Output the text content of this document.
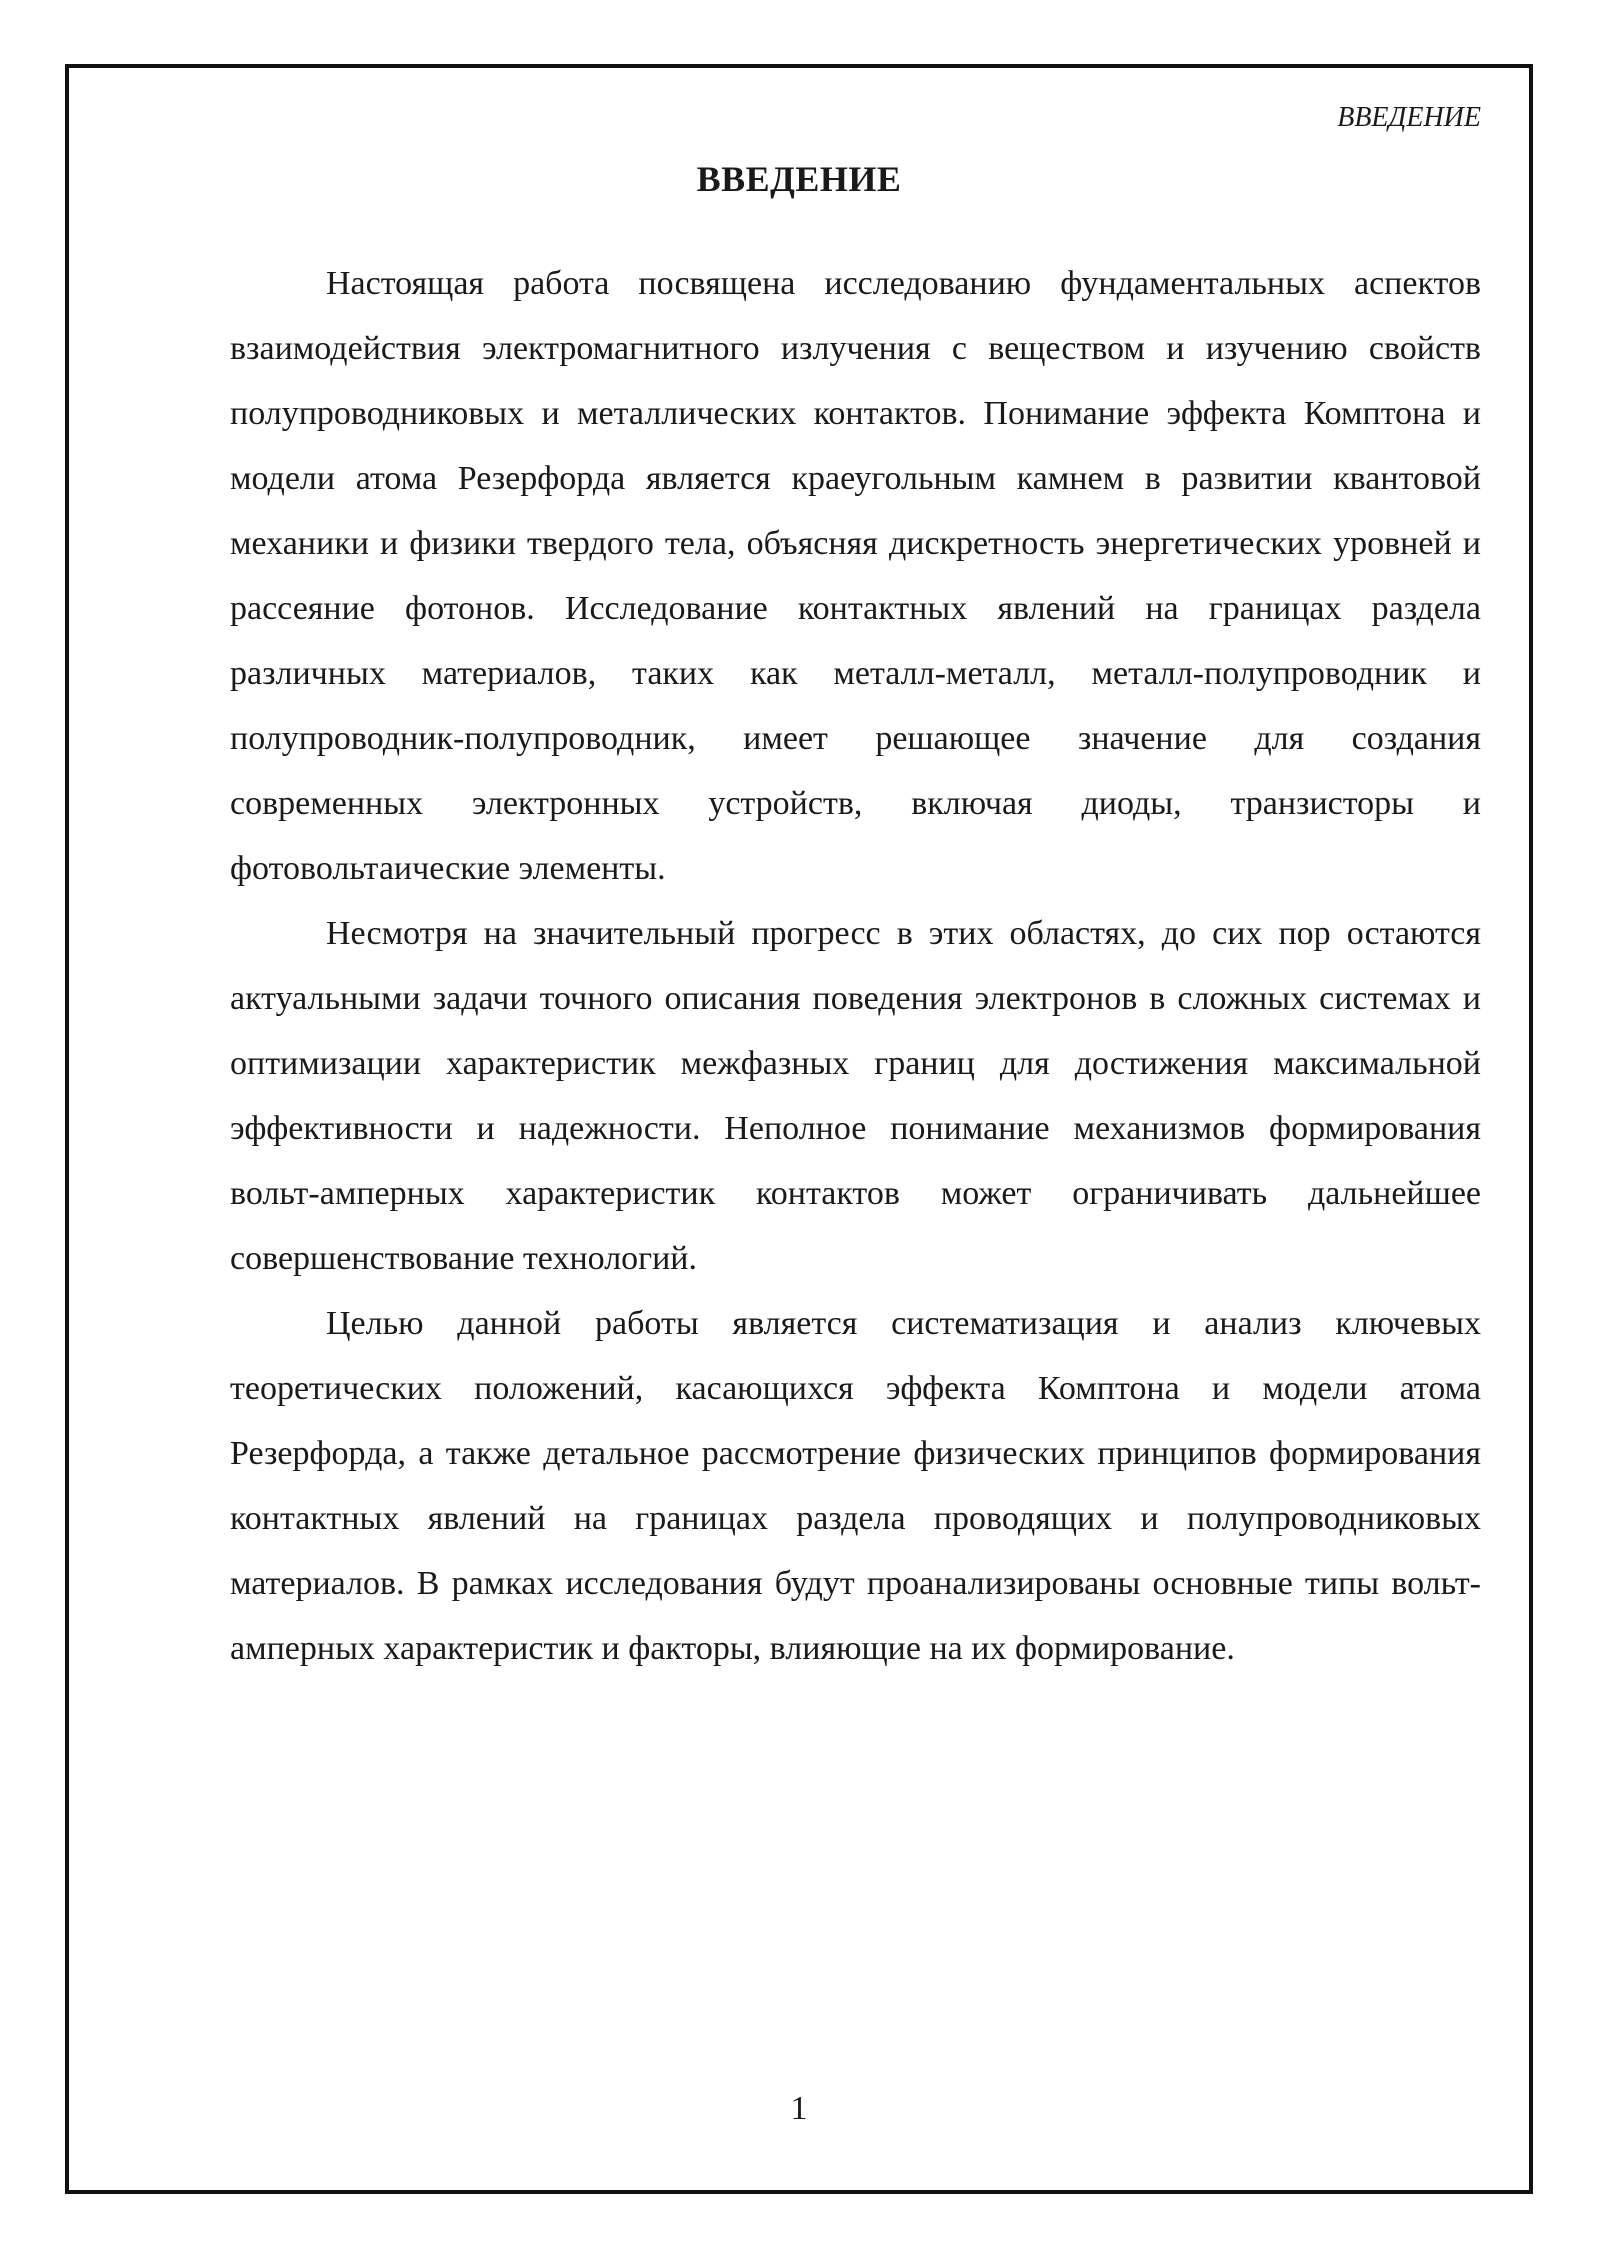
ВВЕДЕНИЕ
ВВЕДЕНИЕ

Настоящая работа посвящена исследованию фундаментальных аспектов взаимодействия электромагнитного излучения с веществом и изучению свойств полупроводниковых и металлических контактов. Понимание эффекта Комптона и модели атома Резерфорда является краеугольным камнем в развитии квантовой механики и физики твердого тела, объясняя дискретность энергетических уровней и рассеяние фотонов. Исследование контактных явлений на границах раздела различных материалов, таких как металл-металл, металл-полупроводник и полупроводник-полупроводник, имеет решающее значение для создания современных электронных устройств, включая диоды, транзисторы и фотовольтаические элементы.

Несмотря на значительный прогресс в этих областях, до сих пор остаются актуальными задачи точного описания поведения электронов в сложных системах и оптимизации характеристик межфазных границ для достижения максимальной эффективности и надежности. Неполное понимание механизмов формирования вольт-амперных характеристик контактов может ограничивать дальнейшее совершенствование технологий.

Целью данной работы является систематизация и анализ ключевых теоретических положений, касающихся эффекта Комптона и модели атома Резерфорда, а также детальное рассмотрение физических принципов формирования контактных явлений на границах раздела проводящих и полупроводниковых материалов. В рамках исследования будут проанализированы основные типы вольт-амперных характеристик и факторы, влияющие на их формирование.

1
